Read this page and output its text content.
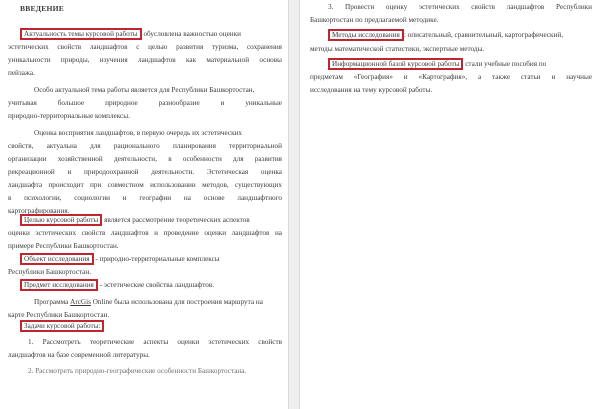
ВВЕДЕНИЕ
Актуальность темы курсовой работы обусловлена важностью оценки
эстетических свойств ландшафтов с целью развития туризма, сохранения
уникальности природы, изучения ландшафтов как материальной основы
пейзажа.
Особо актуальной тема работы является для Республики Башкортостан,
учитывая большое природное разнообразие и уникальные
природно-территориальные комплексы.
Оценка восприятия ландшафтов, в первую очередь их эстетических
свойств, актуальна для рационального планирования территориальной
организации хозяйственной деятельности, в особенности для развития
рекреационной и природоохранной деятельности. Эстетическая оценка
ландшафта происходит при совместном использовании методов, существующих
в психологии, социологии и географии на основе ландшафтного
картографирования.
Целью курсовой работы является рассмотрение теоретических аспектов
оценки эстетических свойств ландшафтов и проведение оценки ландшафтов на
примере Республики Башкортостан.
Объект исследования - природно-территориальные комплексы
Республики Башкортостан.
Предмет исследования - эстетические свойства ландшафтов.
Программа ArcGis Online была использована для построения маршрута на
карте Республики Башкортостан.
Задачи курсовой работы:
1. Рассмотреть теоретические аспекты оценки эстетических свойств
ландшафтов на базе современной литературы.
2. Рассмотреть природно-географические особенности Башкортостана.
3. Провести оценку эстетических свойств ландшафтов Республики
Башкортостан по предлагаемой методике.
Методы исследования : описательный, сравнительный, картографический,
методы математической статистики, экспертные методы.
Информационной базой курсовой работы стали учебные пособия по
предметам «География» и «Картография», а также статьи и научные
исследования на тему курсовой работы.
